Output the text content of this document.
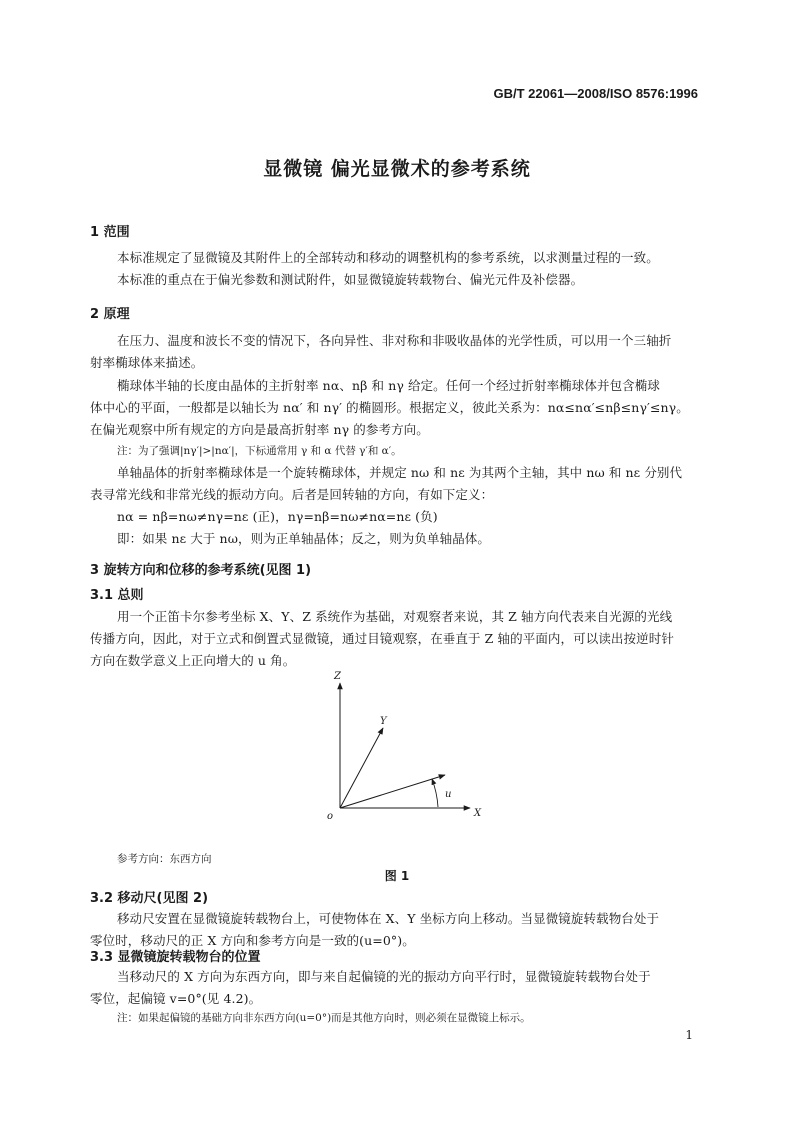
GB/T 22061—2008/ISO 8576:1996
显微镜 偏光显微术的参考系统
1 范围
本标准规定了显微镜及其附件上的全部转动和移动的调整机构的参考系统，以求测量过程的一致。
本标准的重点在于偏光参数和测试附件，如显微镜旋转载物台、偏光元件及补偿器。
2 原理
在压力、温度和波长不变的情况下，各向异性、非对称和非吸收晶体的光学性质，可以用一个三轴折
射率椭球体来描述。
椭球体半轴的长度由晶体的主折射率 nα、nβ 和 nγ 给定。任何一个经过折射率椭球体并包含椭球
体中心的平面，一般都是以轴长为 nα′ 和 nγ′ 的椭圆形。根据定义，彼此关系为：nα≤nα′≤nβ≤nγ′≤nγ。
在偏光观察中所有规定的方向是最高折射率 nγ 的参考方向。
注：为了强调|nγ′|>|nα′|，下标通常用 γ 和 α 代替 γ′和 α′。
单轴晶体的折射率椭球体是一个旋转椭球体，并规定 nω 和 nε 为其两个主轴，其中 nω 和 nε 分别代
表寻常光线和非常光线的振动方向。后者是回转轴的方向，有如下定义：
nα = nβ=nω≠nγ=nε (正)，nγ=nβ=nω≠nα=nε (负)
即：如果 nε 大于 nω，则为正单轴晶体；反之，则为负单轴晶体。
3 旋转方向和位移的参考系统(见图 1)
3.1 总则
用一个正笛卡尔参考坐标 X、Y、Z 系统作为基础，对观察者来说，其 Z 轴方向代表来自光源的光线
传播方向，因此，对于立式和倒置式显微镜，通过目镜观察，在垂直于 Z 轴的平面内，可以读出按逆时针
方向在数学意义上正向增大的 u 角。
Z
Y
X
o
u
参考方向：东西方向
图 1
3.2 移动尺(见图 2)
移动尺安置在显微镜旋转载物台上，可使物体在 X、Y 坐标方向上移动。当显微镜旋转载物台处于
零位时，移动尺的正 X 方向和参考方向是一致的(u=0°)。
3.3 显微镜旋转载物台的位置
当移动尺的 X 方向为东西方向，即与来自起偏镜的光的振动方向平行时，显微镜旋转载物台处于
零位，起偏镜 v=0°(见 4.2)。
注：如果起偏镜的基础方向非东西方向(u=0°)而是其他方向时，则必须在显微镜上标示。
1
